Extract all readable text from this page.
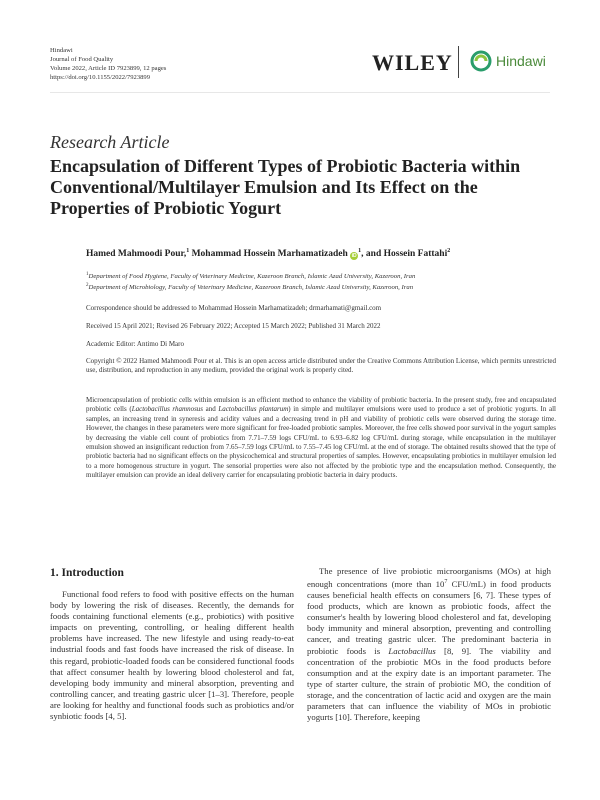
Hindawi
Journal of Food Quality
Volume 2022, Article ID 7923899, 12 pages
https://doi.org/10.1155/2022/7923899
WILEY	Hindawi
Research Article
Encapsulation of Different Types of Probiotic Bacteria within Conventional/Multilayer Emulsion and Its Effect on the Properties of Probiotic Yogurt
Hamed Mahmoodi Pour,$^1$ Mohammad Hossein Marhamatizadeh $iD^1$, and Hossein Fattahi$^2$
$^1$Department of Food Hygiene, Faculty of Veterinary Medicine, Kazeroon Branch, Islamic Azad University, Kazeroon, Iran
$^2$Department of Microbiology, Faculty of Veterinary Medicine, Kazeroon Branch, Islamic Azad University, Kazeroon, Iran
Correspondence should be addressed to Mohammad Hossein Marhamatizadeh; drmarhamati@gmail.com
Received 15 April 2021; Revised 26 February 2022; Accepted 15 March 2022; Published 31 March 2022
Academic Editor: Antimo Di Maro
Copyright © 2022 Hamed Mahmoodi Pour et al. This is an open access article distributed under the Creative Commons Attribution License, which permits unrestricted use, distribution, and reproduction in any medium, provided the original work is properly cited.
Microencapsulation of probiotic cells within emulsion is an efficient method to enhance the viability of probiotic bacteria. In the present study, free and encapsulated probiotic cells (Lactobacillus rhamnosus and Lactobacillus plantarum) in simple and multilayer emulsions were used to produce a set of probiotic yogurts. In all samples, an increasing trend in syneresis and acidity values and a decreasing trend in pH and viability of probiotic cells were observed during the storage time. However, the changes in these parameters were more significant for free-loaded probiotic samples. Moreover, the free cells showed poor survival in the yogurt samples by decreasing the viable cell count of probiotics from 7.71–7.59 logs CFU/mL to 6.93–6.82 log CFU/mL during storage, while encapsulation in the multilayer emulsion showed an insignificant reduction from 7.65–7.59 logs CFU/mL to 7.55–7.45 log CFU/mL at the end of storage. The obtained results showed that the type of probiotic bacteria had no significant effects on the physicochemical and structural properties of samples. However, encapsulating probiotics in multilayer emulsion led to a more homogenous structure in yogurt. The sensorial properties were also not affected by the probiotic type and the encapsulation method. Consequently, the multilayer emulsion can provide an ideal delivery carrier for encapsulating probiotic bacteria in dairy products.
1. Introduction

Functional food refers to food with positive effects on the human body by lowering the risk of diseases. Recently, the demands for foods containing functional elements (e.g., probiotics) with positive impacts on preventing, controlling, or healing different health problems have increased. The new lifestyle and using ready-to-eat industrial foods and fast foods have increased the risk of disease. In this regard, probiotic-loaded foods can be considered functional foods that affect consumer health by lowering blood cholesterol and fat, developing body immunity and mineral absorption, preventing and controlling cancer, and treating gastric ulcer [1–3]. Therefore, people are looking for healthy and functional foods such as probiotics and/or synbiotic foods [4, 5].

The presence of live probiotic microorganisms (MOs) at high enough concentrations (more than $10^7$ CFU/mL) in food products causes beneficial health effects on consumers [6, 7]. These types of food products, which are known as probiotic foods, affect the consumer's health by lowering blood cholesterol and fat, developing body immunity and mineral absorption, preventing and controlling cancer, and treating gastric ulcer. The predominant bacteria in probiotic foods is Lactobacillus [8, 9]. The viability and concentration of the probiotic MOs in the food products before consumption and at the expiry date is an important parameter. The type of starter culture, the strain of probiotic MO, the condition of storage, and the concentration of lactic acid and oxygen are the main parameters that can influence the viability of MOs in probiotic yogurts [10]. Therefore, keeping
